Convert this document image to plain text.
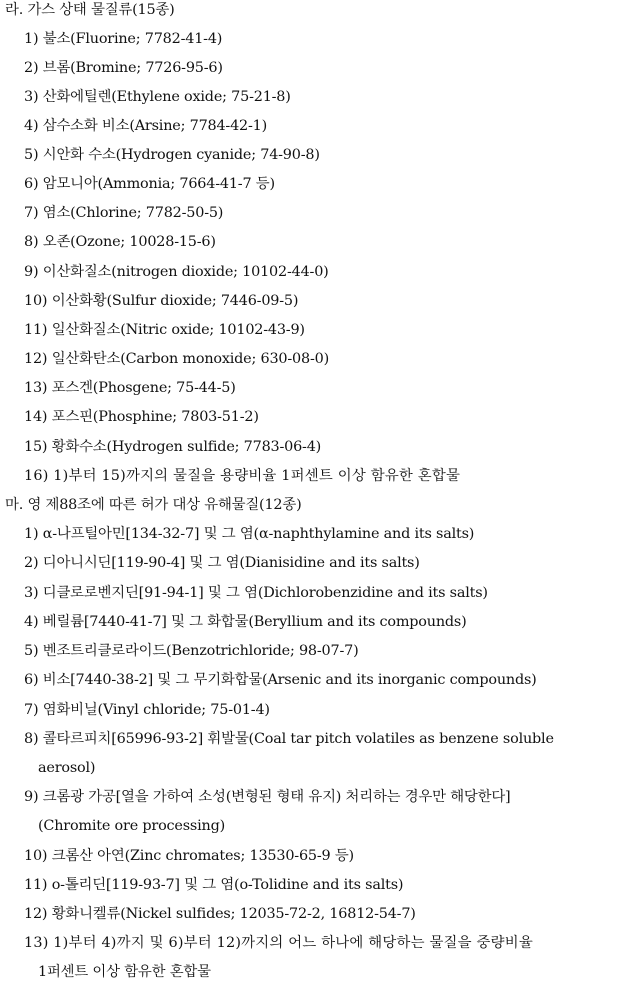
라. 가스 상태 물질류(15종)
1) 불소(Fluorine; 7782-41-4)
2) 브롬(Bromine; 7726-95-6)
3) 산화에틸렌(Ethylene oxide; 75-21-8)
4) 삼수소화 비소(Arsine; 7784-42-1)
5) 시안화 수소(Hydrogen cyanide; 74-90-8)
6) 암모니아(Ammonia; 7664-41-7 등)
7) 염소(Chlorine; 7782-50-5)
8) 오존(Ozone; 10028-15-6)
9) 이산화질소(nitrogen dioxide; 10102-44-0)
10) 이산화황(Sulfur dioxide; 7446-09-5)
11) 일산화질소(Nitric oxide; 10102-43-9)
12) 일산화탄소(Carbon monoxide; 630-08-0)
13) 포스겐(Phosgene; 75-44-5)
14) 포스핀(Phosphine; 7803-51-2)
15) 황화수소(Hydrogen sulfide; 7783-06-4)
16) 1)부터 15)까지의 물질을 용량비율 1퍼센트 이상 함유한 혼합물
마. 영 제88조에 따른 허가 대상 유해물질(12종)
1) α-나프틸아민[134-32-7] 및 그 염(α-naphthylamine and its salts)
2) 디아니시딘[119-90-4] 및 그 염(Dianisidine and its salts)
3) 디클로로벤지딘[91-94-1] 및 그 염(Dichlorobenzidine and its salts)
4) 베릴륨[7440-41-7] 및 그 화합물(Beryllium and its compounds)
5) 벤조트리클로라이드(Benzotrichloride; 98-07-7)
6) 비소[7440-38-2] 및 그 무기화합물(Arsenic and its inorganic compounds)
7) 염화비닐(Vinyl chloride; 75-01-4)
8) 콜타르피치[65996-93-2] 휘발물(Coal tar pitch volatiles as benzene soluble
aerosol)
9) 크롬광 가공[열을 가하여 소성(변형된 형태 유지) 처리하는 경우만 해당한다]
(Chromite ore processing)
10) 크롬산 아연(Zinc chromates; 13530-65-9 등)
11) o-톨리딘[119-93-7] 및 그 염(o-Tolidine and its salts)
12) 황화니켈류(Nickel sulfides; 12035-72-2, 16812-54-7)
13) 1)부터 4)까지 및 6)부터 12)까지의 어느 하나에 해당하는 물질을 중량비율
1퍼센트 이상 함유한 혼합물
